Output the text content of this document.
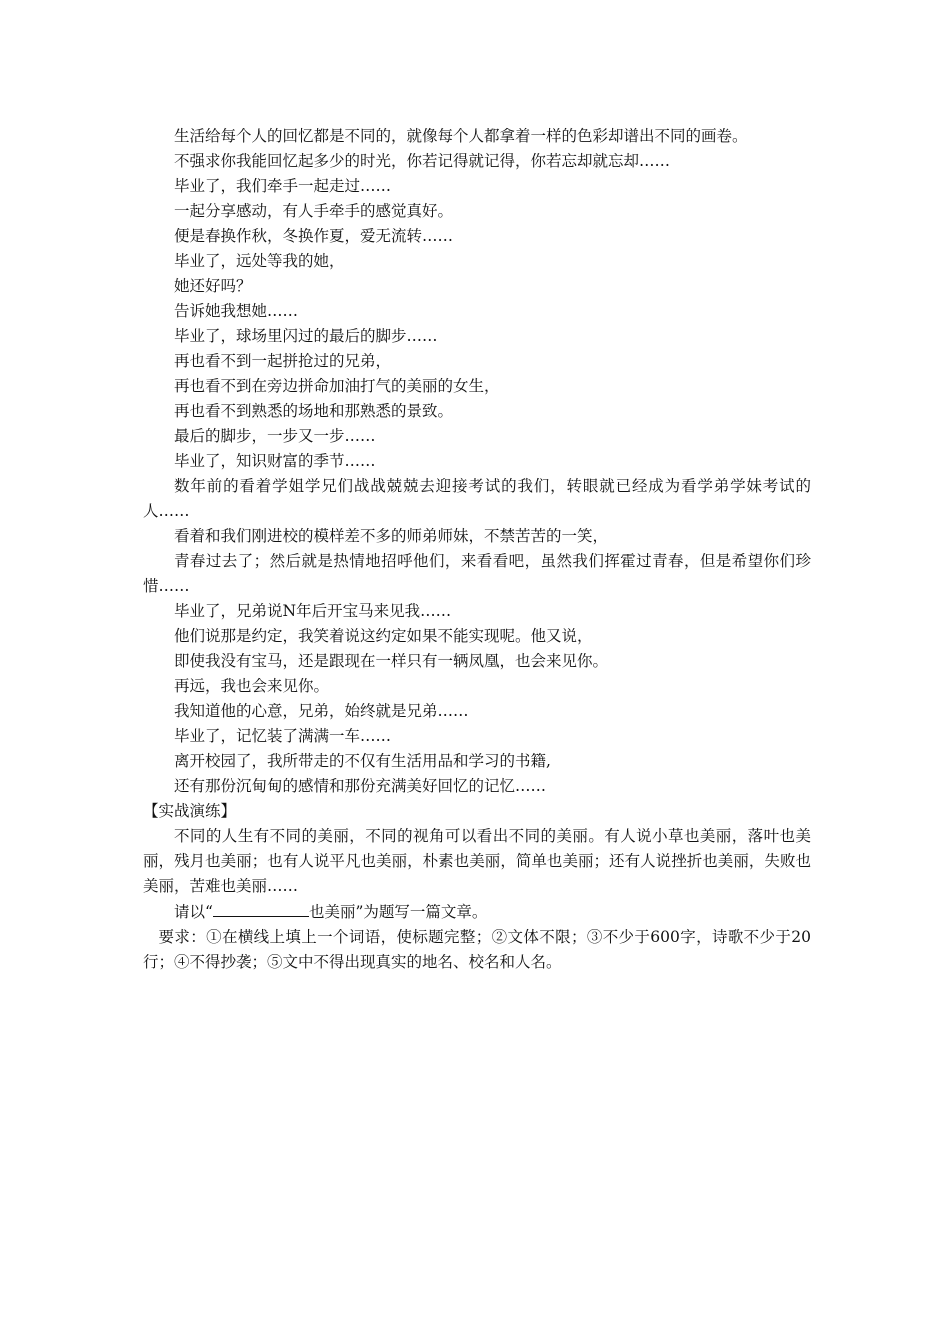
生活给每个人的回忆都是不同的，就像每个人都拿着一样的色彩却谱出不同的画卷。

不强求你我能回忆起多少的时光，你若记得就记得，你若忘却就忘却……

毕业了，我们牵手一起走过……

一起分享感动，有人手牵手的感觉真好。

便是春换作秋，冬换作夏，爱无流转……

毕业了，远处等我的她，

她还好吗？

告诉她我想她……

毕业了，球场里闪过的最后的脚步……

再也看不到一起拼抢过的兄弟，

再也看不到在旁边拼命加油打气的美丽的女生，

再也看不到熟悉的场地和那熟悉的景致。

最后的脚步，一步又一步……

毕业了，知识财富的季节……

数年前的看着学姐学兄们战战兢兢去迎接考试的我们，转眼就已经成为看学弟学妹考试的人……

看着和我们刚进校的模样差不多的师弟师妹，不禁苦苦的一笑，

青春过去了；然后就是热情地招呼他们，来看看吧，虽然我们挥霍过青春，但是希望你们珍惜……

毕业了，兄弟说N年后开宝马来见我……

他们说那是约定，我笑着说这约定如果不能实现呢。他又说，

即使我没有宝马，还是跟现在一样只有一辆凤凰，也会来见你。

再远，我也会来见你。

我知道他的心意，兄弟，始终就是兄弟……

毕业了，记忆装了满满一车……

离开校园了，我所带走的不仅有生活用品和学习的书籍,

还有那份沉甸甸的感情和那份充满美好回忆的记忆……

【实战演练】

不同的人生有不同的美丽，不同的视角可以看出不同的美丽。有人说小草也美丽，落叶也美丽，残月也美丽；也有人说平凡也美丽，朴素也美丽，简单也美丽；还有人说挫折也美丽，失败也美丽，苦难也美丽……

请以“	也美丽”为题写一篇文章。

要求：①在横线上填上一个词语，使标题完整；②文体不限；③不少于600字，诗歌不少于20行；④不得抄袭；⑤文中不得出现真实的地名、校名和人名。
